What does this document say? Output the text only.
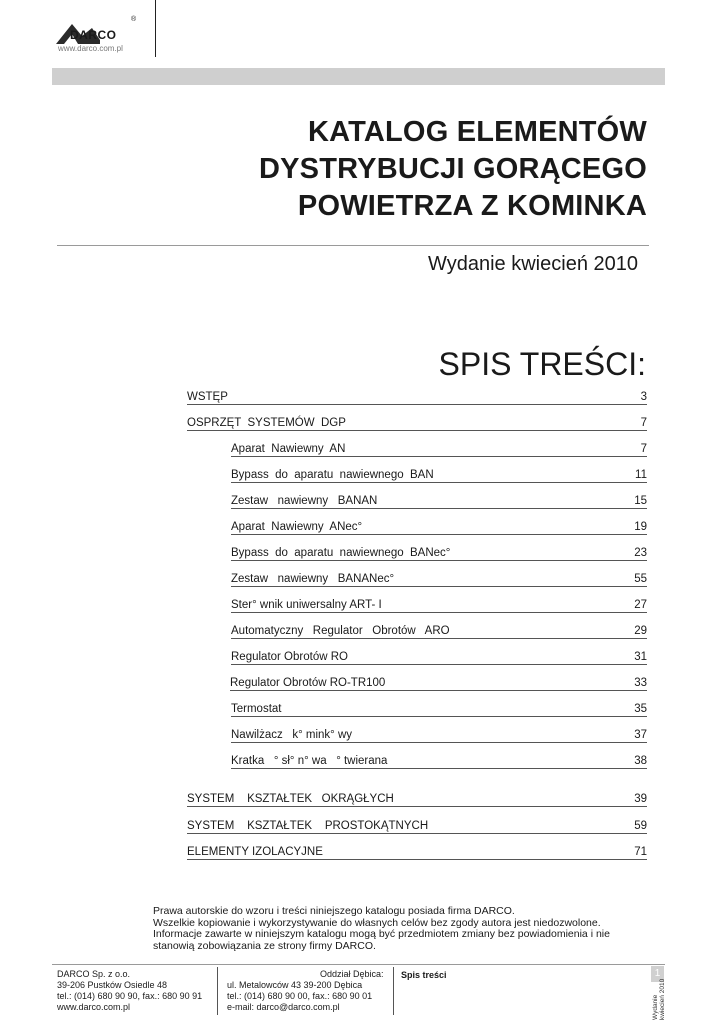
DARCO
®
www.darco.com.pl
KATALOG ELEMENTÓW
DYSTRYBUCJI GORĄCEGO
POWIETRZA Z KOMINKA
Wydanie kwiecień 2010
SPIS TREŚCI:
WSTĘP	3
OSPRZĘT  SYSTEMÓW  DGP	7
Aparat  Nawiewny  AN	7
Bypass  do  aparatu  nawiewnego  BAN	11
Zestaw   nawiewny   BANAN	15
Aparat  Nawiewny  ANec°	19
Bypass  do  aparatu  nawiewnego  BANec°	23
Zestaw   nawiewny   BANANec°	55
Ster° wnik uniwersalny ART- I	27
Automatyczny   Regulator   Obrotów   ARO	29
Regulator Obrotów RO	31
Regulator Obrotów RO-TR100	33
Termostat	35
Nawilżacz   k° mink° wy	37
Kratka   ° sł° n° wa   ° twierana	38
SYSTEM    KSZTAŁTEK   OKRĄGŁYCH	39
SYSTEM    KSZTAŁTEK    PROSTOKĄTNYCH	59
ELEMENTY IZOLACYJNE	71
Prawa autorskie do wzoru i treści niniejszego katalogu posiada firma DARCO.
Wszelkie kopiowanie i wykorzystywanie do własnych celów bez zgody autora jest niedozwolone.
Informacje zawarte w niniejszym katalogu mogą być przedmiotem zmiany bez powiadomienia i nie
stanowią zobowiązania ze strony firmy DARCO.
DARCO Sp. z o.o.
39-206 Pustków Osiedle 48
tel.: (014) 680 90 90, fax.: 680 90 91
www.darco.com.pl
Oddział Dębica:
ul. Metalowców 43 39-200 Dębica
tel.: (014) 680 90 00, fax.: 680 90 01
e-mail: darco@darco.com.pl
Spis treści	1
Wydanie kwiecień 2010
